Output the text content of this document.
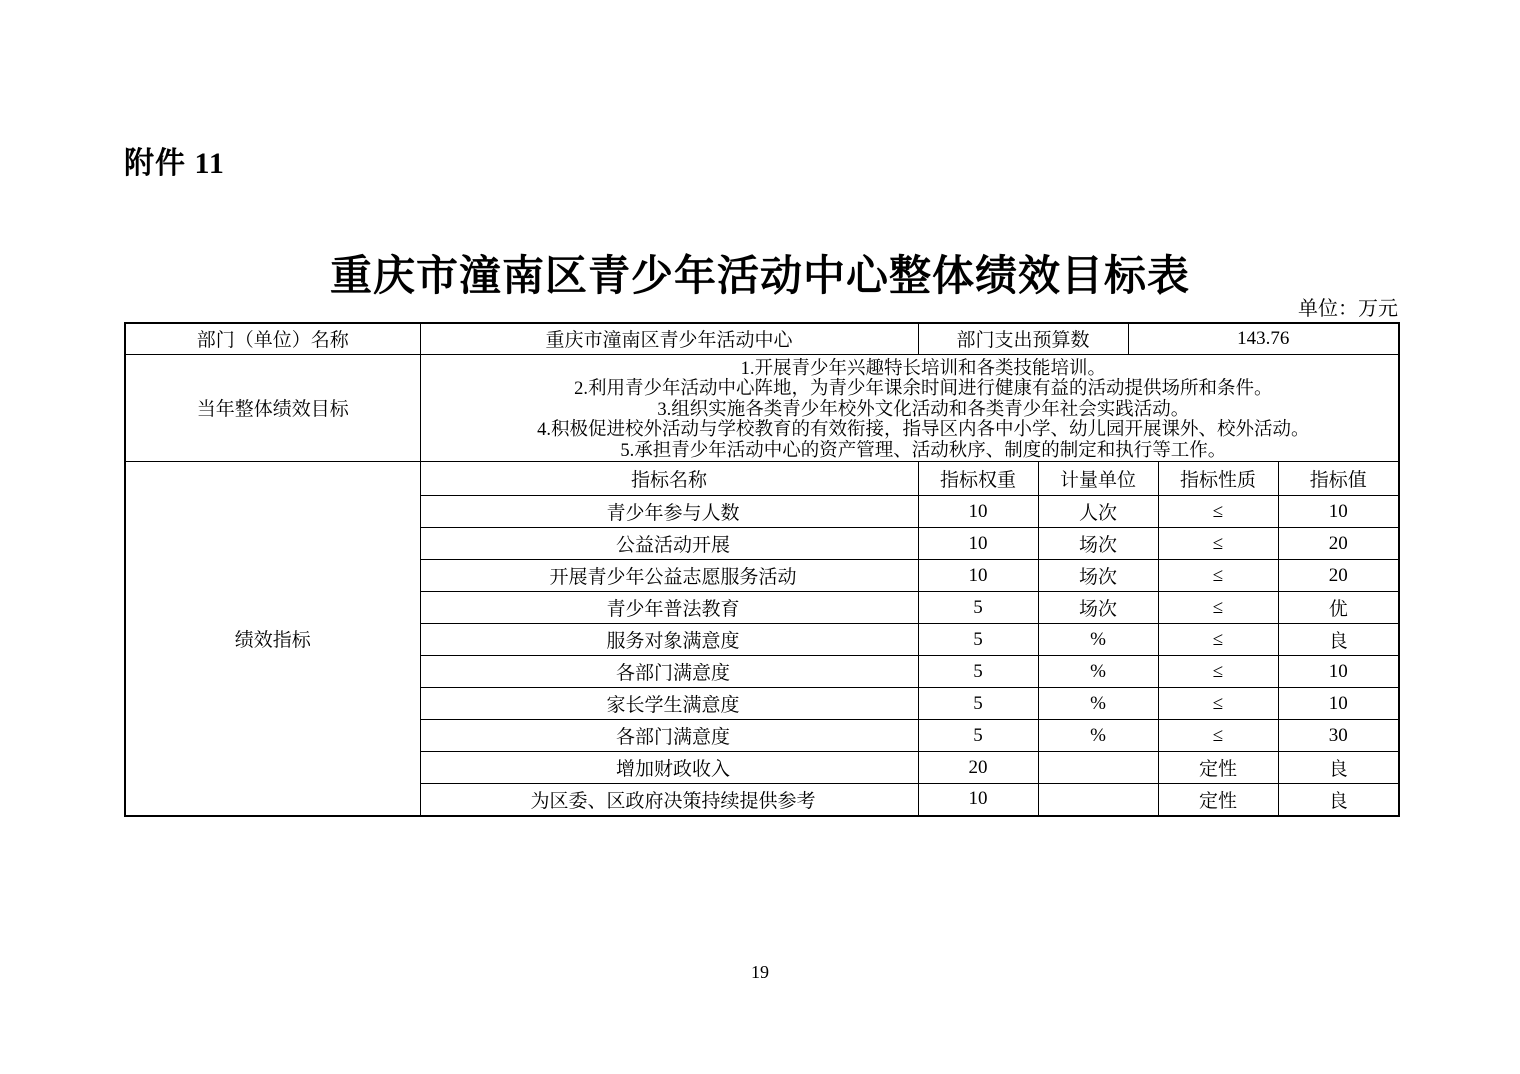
附件 11
重庆市潼南区青少年活动中心整体绩效目标表
单位：万元
部门（单位）名称	重庆市潼南区青少年活动中心	部门支出预算数		143.76		
当年整体绩效目标	1.开展青少年兴趣特长培训和各类技能培训。
2.利用青少年活动中心阵地，为青少年课余时间进行健康有益的活动提供场所和条件。
3.组织实施各类青少年校外文化活动和各类青少年社会实践活动。
4.积极促进校外活动与学校教育的有效衔接，指导区内各中小学、幼儿园开展课外、校外活动。
5.承担青少年活动中心的资产管理、活动秋序、制度的制定和执行等工作。					

绩效指标	指标名称	指标权重	计量单位		指标性质	指标值
	青少年参与人数	10	人次		≤	10
	公益活动开展	10	场次		≤	20
	开展青少年公益志愿服务活动	10	场次		≤	20
	青少年普法教育	5	场次		≤	优
	服务对象满意度	5	%		≤	良
	各部门满意度	5	%		≤	10
	家长学生满意度	5	%		≤	10
	各部门满意度	5	%		≤	30
	增加财政收入	20			定性	良
	为区委、区政府决策持续提供参考	10			定性	良
19
